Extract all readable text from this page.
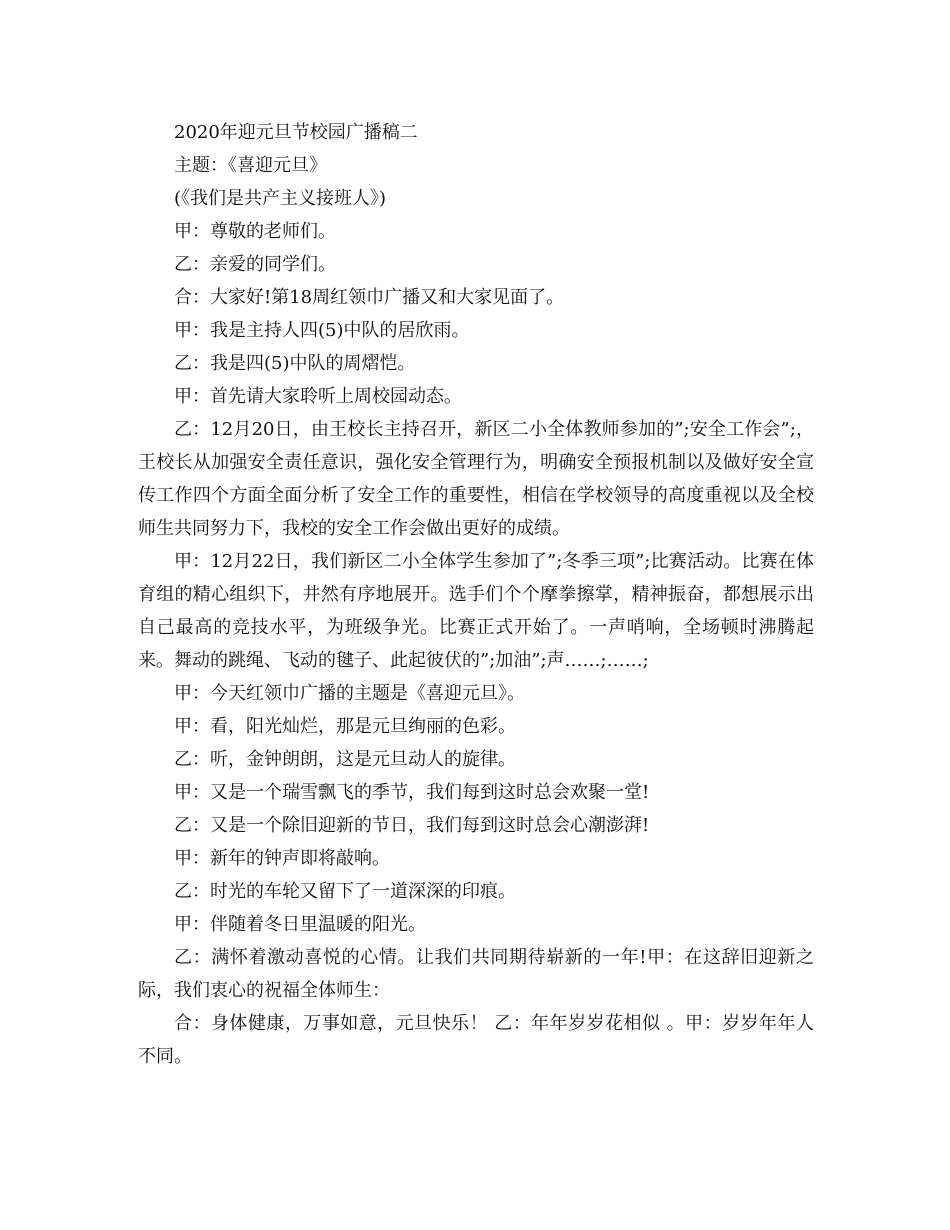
2020年迎元旦节校园广播稿二

主题：《喜迎元旦》

(《我们是共产主义接班人》)

甲：尊敬的老师们。

乙：亲爱的同学们。

合：大家好!第18周红领巾广播又和大家见面了。

甲：我是主持人四(5)中队的居欣雨。

乙：我是四(5)中队的周熠恺。

甲：首先请大家聆听上周校园动态。

乙：12月20日，由王校长主持召开，新区二小全体教师参加的”;安全工作会”;，王校长从加强安全责任意识，强化安全管理行为，明确安全预报机制以及做好安全宣传工作四个方面全面分析了安全工作的重要性，相信在学校领导的高度重视以及全校师生共同努力下，我校的安全工作会做出更好的成绩。

甲：12月22日，我们新区二小全体学生参加了”;冬季三项”;比赛活动。比赛在体育组的精心组织下，井然有序地展开。选手们个个摩拳擦掌，精神振奋，都想展示出自己最高的竞技水平，为班级争光。比赛正式开始了。一声哨响，全场顿时沸腾起来。舞动的跳绳、飞动的毽子、此起彼伏的”;加油”;声……;……;

甲：今天红领巾广播的主题是《喜迎元旦》。

甲：看，阳光灿烂，那是元旦绚丽的色彩。

乙：听，金钟朗朗，这是元旦动人的旋律。

甲：又是一个瑞雪飘飞的季节，我们每到这时总会欢聚一堂!

乙：又是一个除旧迎新的节日，我们每到这时总会心潮澎湃!

甲：新年的钟声即将敲响。

乙：时光的车轮又留下了一道深深的印痕。

甲：伴随着冬日里温暖的阳光。

乙：满怀着激动喜悦的心情。让我们共同期待崭新的一年!甲：在这辞旧迎新之际，我们衷心的祝福全体师生：

合：身体健康，万事如意，元旦快乐！ 乙：年年岁岁花相似 。甲：岁岁年年人不同。
